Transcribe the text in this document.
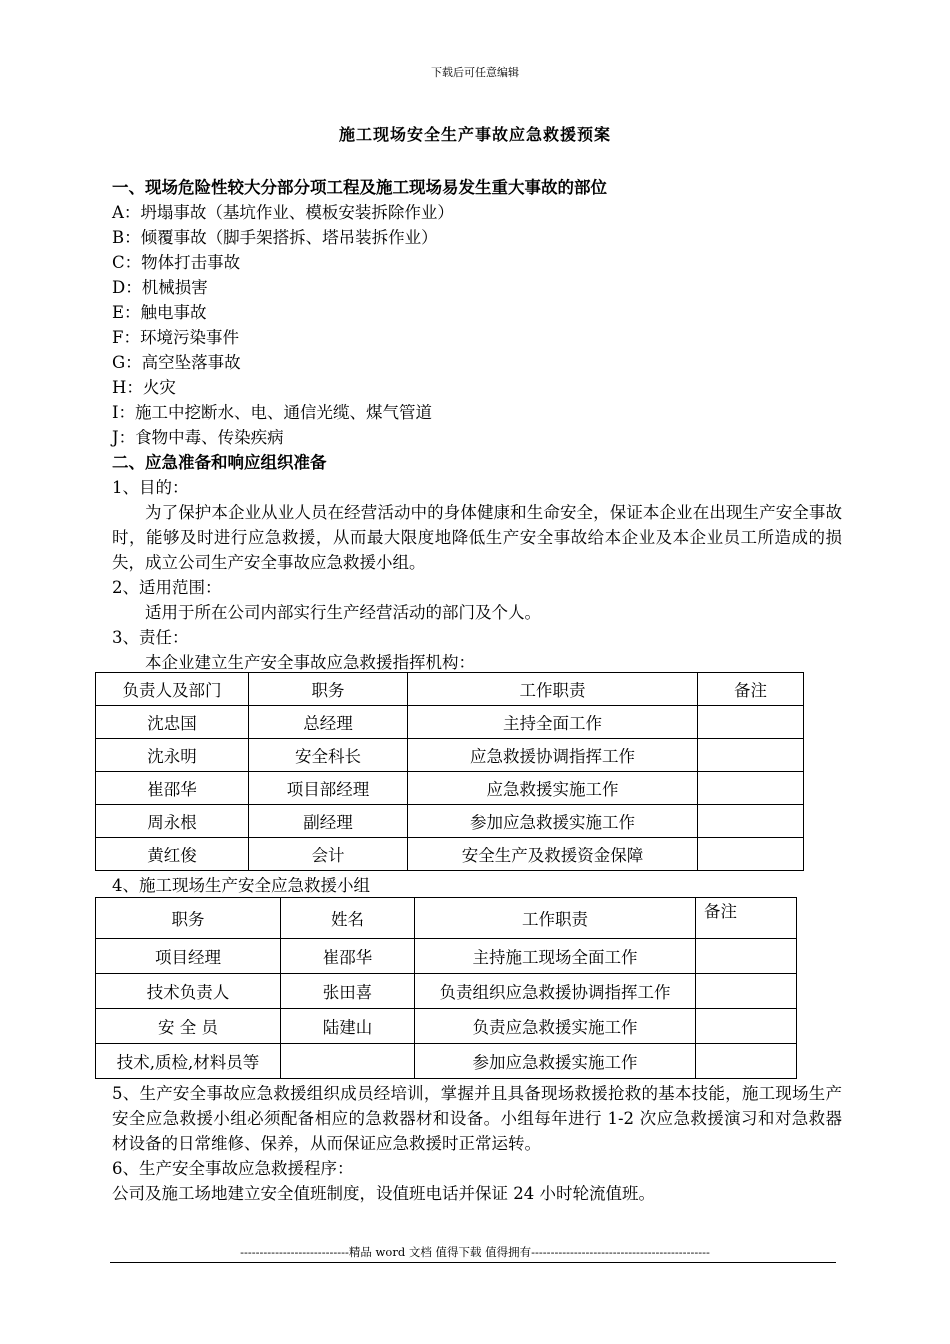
下载后可任意编辑
施工现场安全生产事故应急救援预案
一、现场危险性较大分部分项工程及施工现场易发生重大事故的部位
A：坍塌事故（基坑作业、模板安装拆除作业）
B：倾覆事故（脚手架搭拆、塔吊装拆作业）
C：物体打击事故
D：机械损害
E：触电事故
F：环境污染事件
G：高空坠落事故
H：火灾
I：施工中挖断水、电、通信光缆、煤气管道
J：食物中毒、传染疾病
二、应急准备和响应组织准备
1、目的：
为了保护本企业从业人员在经营活动中的身体健康和生命安全，保证本企业在出现生产安全事故时，能够及时进行应急救援，从而最大限度地降低生产安全事故给本企业及本企业员工所造成的损失，成立公司生产安全事故应急救援小组。
2、适用范围：
适用于所在公司内部实行生产经营活动的部门及个人。
3、责任：
本企业建立生产安全事故应急救援指挥机构：
负责人及部门	职务	工作职责	备注
沈忠国	总经理	主持全面工作	
沈永明	安全科长	应急救援协调指挥工作	
崔邵华	项目部经理	应急救援实施工作	
周永根	副经理	参加应急救援实施工作	
黄红俊	会计	安全生产及救援资金保障	
4、施工现场生产安全应急救援小组
职务	姓名	工作职责	备注
项目经理	崔邵华	主持施工现场全面工作	
技术负责人	张田喜	负责组织应急救援协调指挥工作	
安 全 员	陆建山	负责应急救援实施工作	
技术,质检,材料员等		参加应急救援实施工作	
5、生产安全事故应急救援组织成员经培训，掌握并且具备现场救援抢救的基本技能，施工现场生产安全应急救援小组必须配备相应的急救器材和设备。小组每年进行 1-2 次应急救援演习和对急救器材设备的日常维修、保养，从而保证应急救援时正常运转。
6、生产安全事故应急救援程序：
公司及施工场地建立安全值班制度，设值班电话并保证 24 小时轮流值班。
----------------------------精品 word 文档 值得下载 值得拥有----------------------------------------------
